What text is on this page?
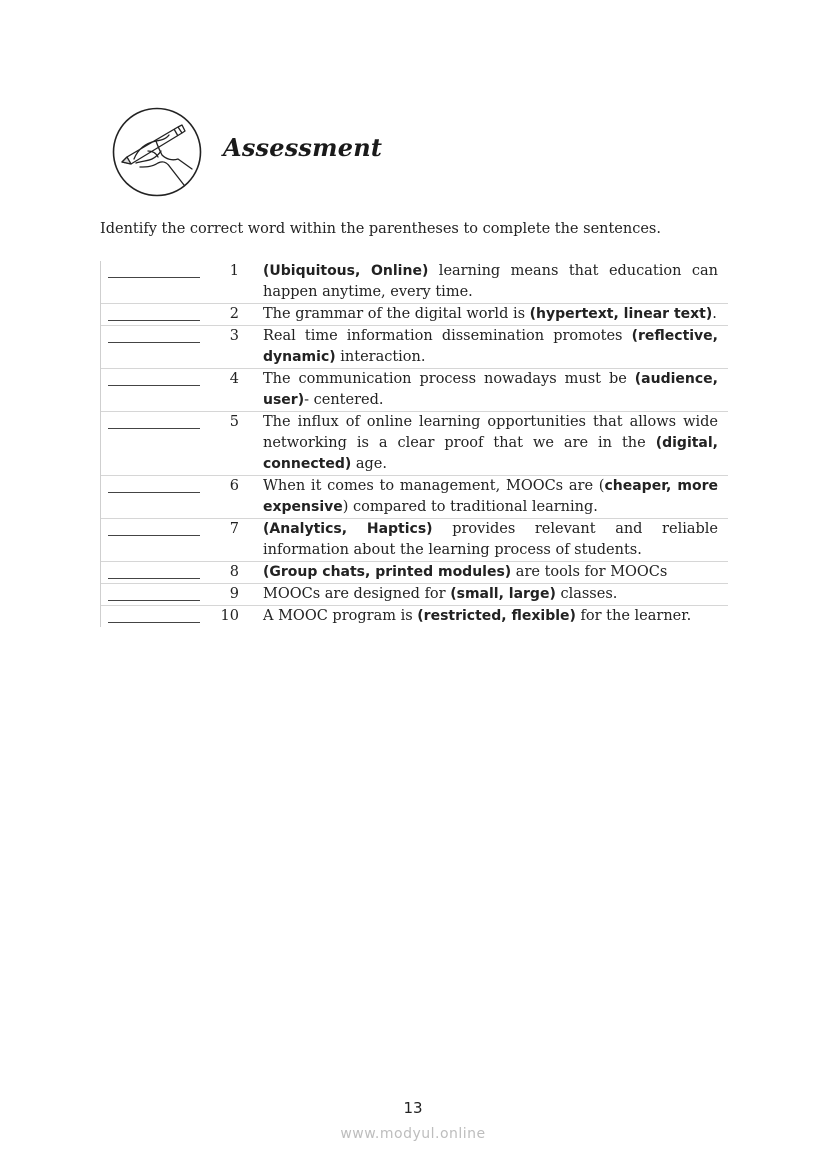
Assessment
Identify the correct word within the parentheses to complete the sentences.
1 (Ubiquitous, Online) learning means that education can happen anytime, every time.
2 The grammar of the digital world is (hypertext, linear text).
3 Real time information dissemination promotes (reflective, dynamic) interaction.
4 The communication process nowadays must be (audience, user)- centered.
5 The influx of online learning opportunities that allows wide networking is a clear proof that we are in the (digital, connected) age.
6 When it comes to management, MOOCs are (cheaper, more expensive) compared to traditional learning.
7 (Analytics, Haptics) provides relevant and reliable information about the learning process of students.
8 (Group chats, printed modules) are tools for MOOCs
9 MOOCs are designed for (small, large) classes.
10 A MOOC program is (restricted, flexible) for the learner.
13
www.modyul.online
